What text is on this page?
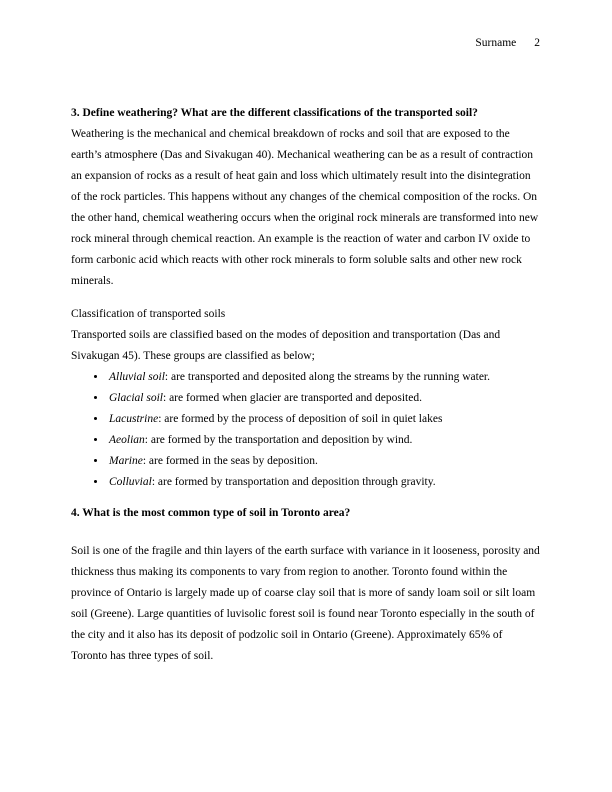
Surname 2

3. Define weathering? What are the different classifications of the transported soil?

Weathering is the mechanical and chemical breakdown of rocks and soil that are exposed to the earth’s atmosphere (Das and Sivakugan 40). Mechanical weathering can be as a result of contraction an expansion of rocks as a result of heat gain and loss which ultimately result into the disintegration of the rock particles. This happens without any changes of the chemical composition of the rocks. On the other hand, chemical weathering occurs when the original rock minerals are transformed into new rock mineral through chemical reaction. An example is the reaction of water and carbon IV oxide to form carbonic acid which reacts with other rock minerals to form soluble salts and other new rock minerals.

Classification of transported soils

Transported soils are classified based on the modes of deposition and transportation (Das and Sivakugan 45). These groups are classified as below;

• Alluvial soil: are transported and deposited along the streams by the running water.
• Glacial soil: are formed when glacier are transported and deposited.
• Lacustrine: are formed by the process of deposition of soil in quiet lakes
• Aeolian: are formed by the transportation and deposition by wind.
• Marine: are formed in the seas by deposition.
• Colluvial: are formed by transportation and deposition through gravity.

4. What is the most common type of soil in Toronto area?

Soil is one of the fragile and thin layers of the earth surface with variance in it looseness, porosity and thickness thus making its components to vary from region to another. Toronto found within the province of Ontario is largely made up of coarse clay soil that is more of sandy loam soil or silt loam soil (Greene). Large quantities of luvisolic forest soil is found near Toronto especially in the south of the city and it also has its deposit of podzolic soil in Ontario (Greene). Approximately 65% of Toronto has three types of soil.
